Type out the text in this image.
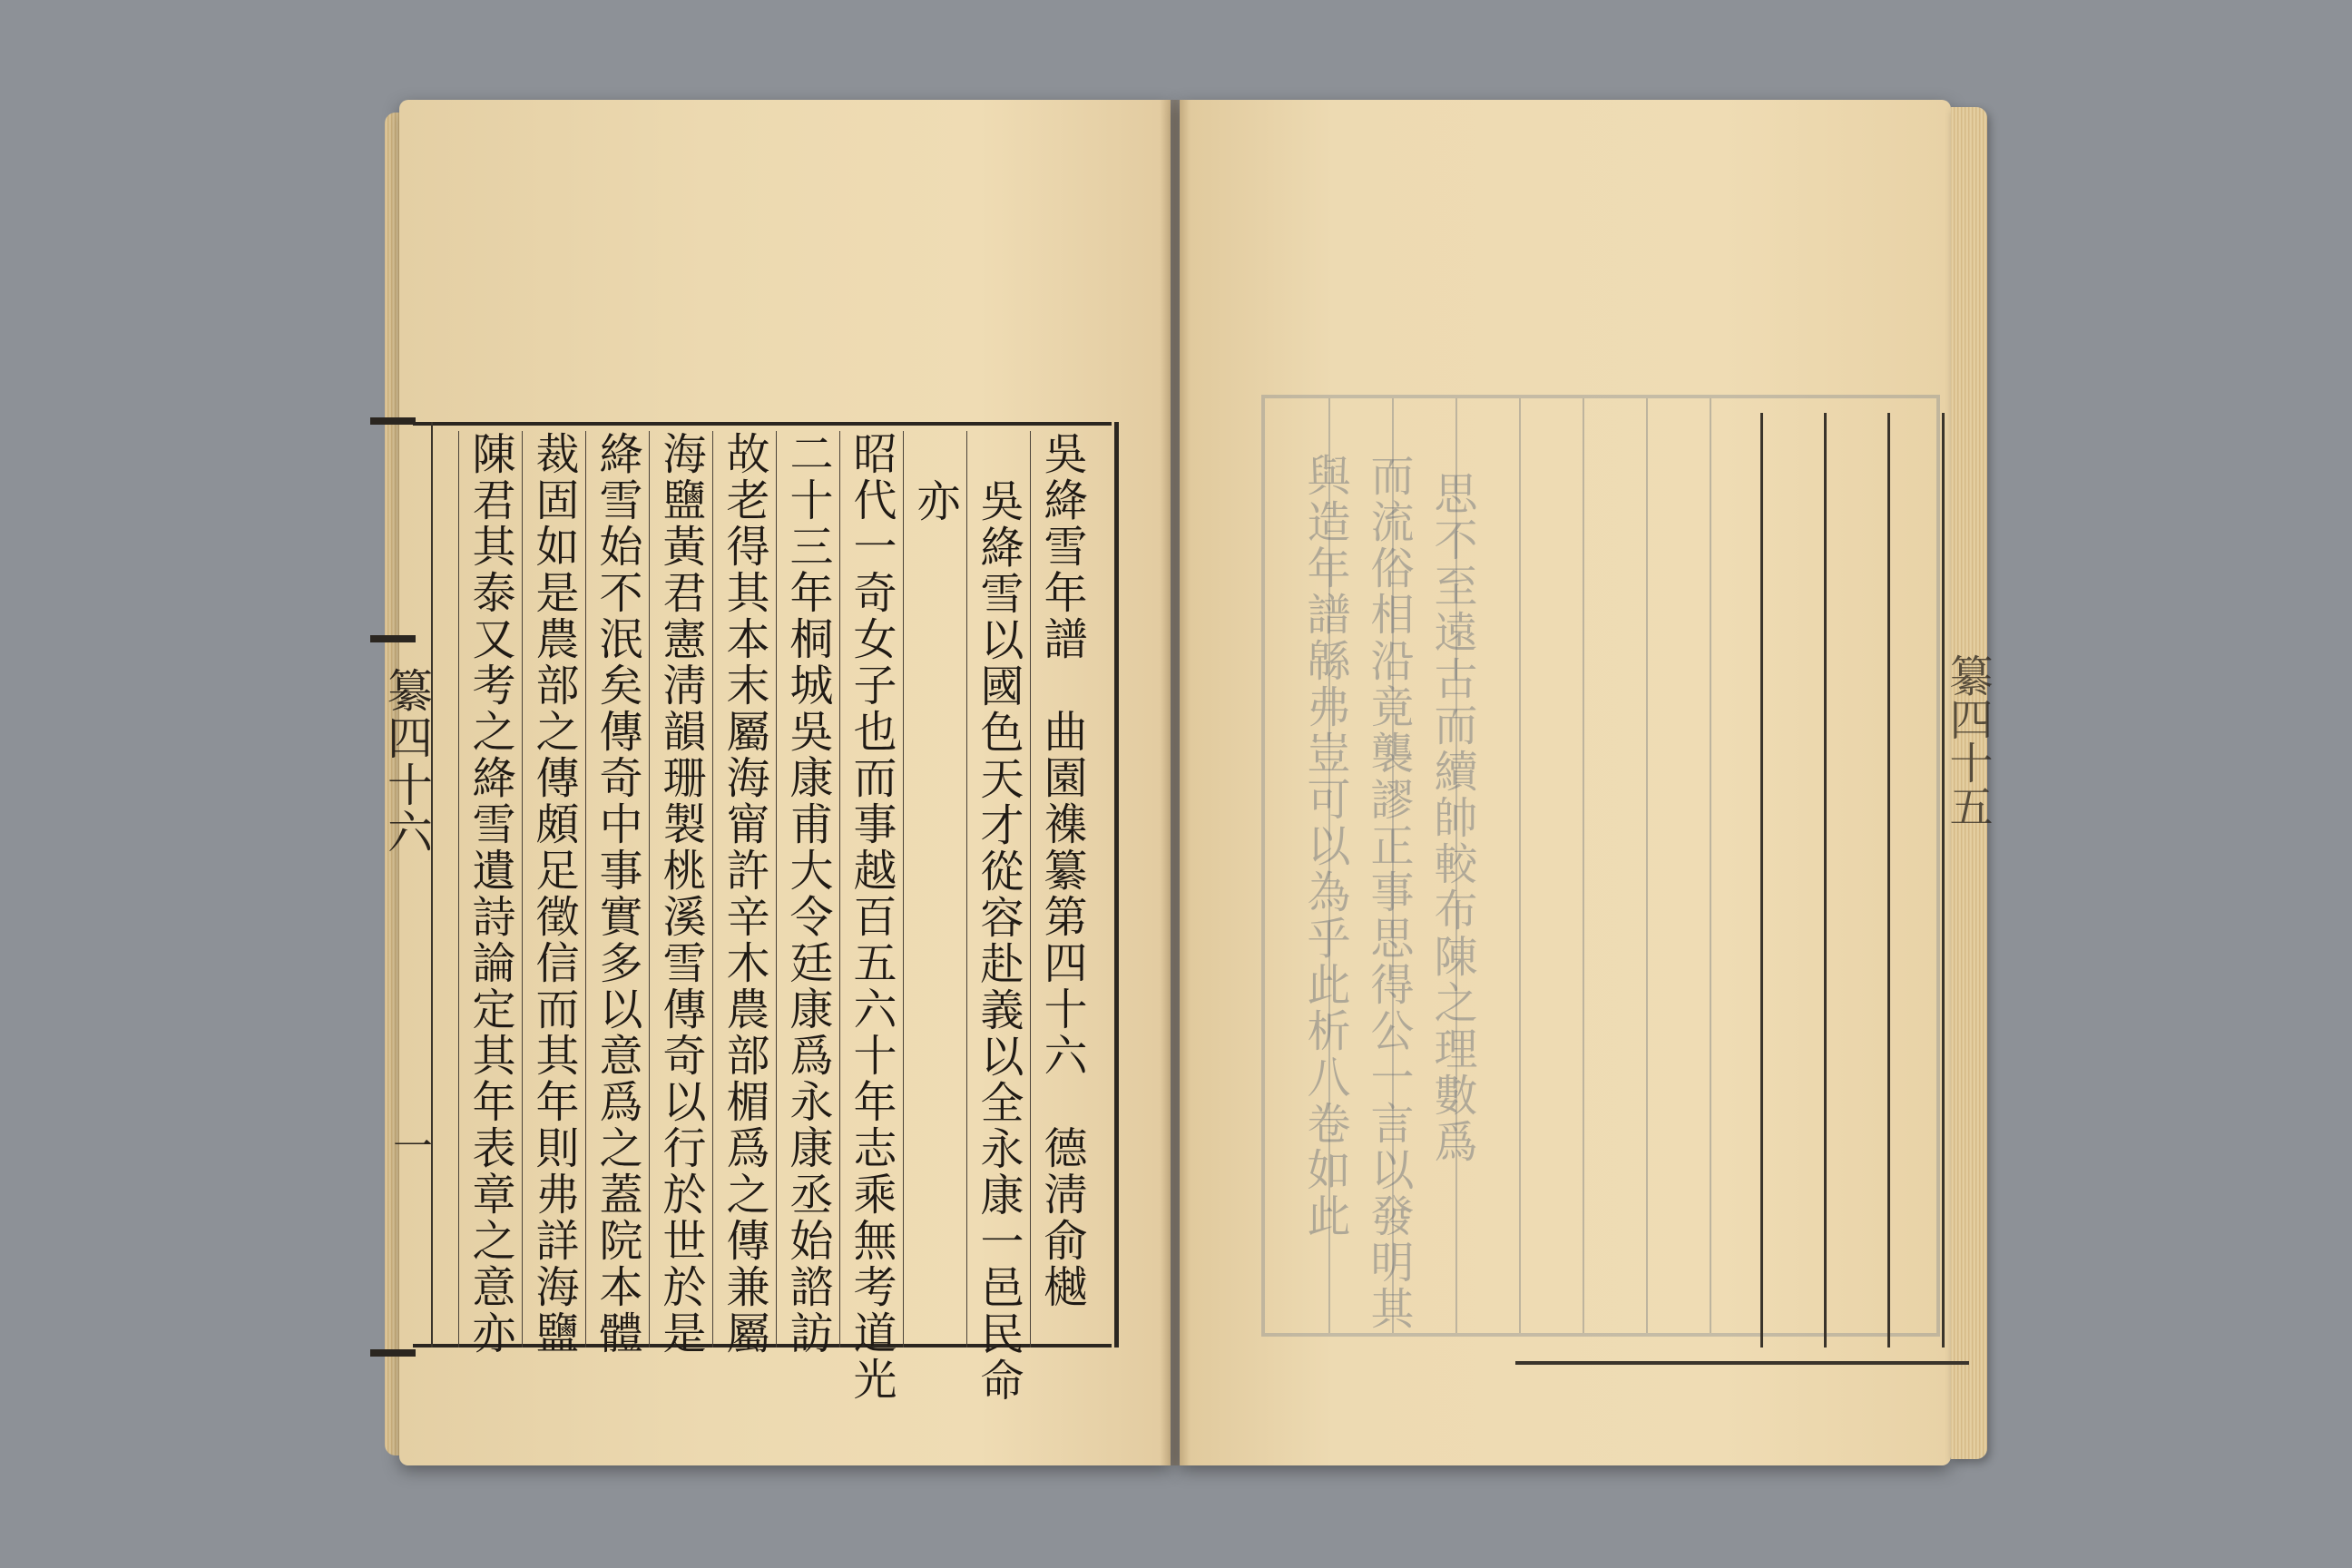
纂四十六
一	吳絳雪年譜　曲園襍纂第四十六　德淸俞樾
吳絳雪以國色天才從容赴義以全永康一邑民命
亦
昭代一奇女子也而事越百五六十年志乘無考道光
二十三年桐城吳康甫大令廷康爲永康丞始諮訪
故老得其本末屬海甯許辛木農部楣爲之傳兼屬
海鹽黃君憲淸韻珊製桃溪雪傳奇以行於世於是
絳雪始不泯矣傳奇中事實多以意爲之蓋院本體
裁固如是農部之傳頗足徵信而其年則弗詳海鹽
陳君其泰又考之絳雪遺詩論定其年表章之意亦	思不至遠古而續帥較布陳之理數爲
而流俗相沿竟襲謬正事思得公一言以發明其
與造年譜緜弗豈可以為乎此析八卷如此	纂四十五
